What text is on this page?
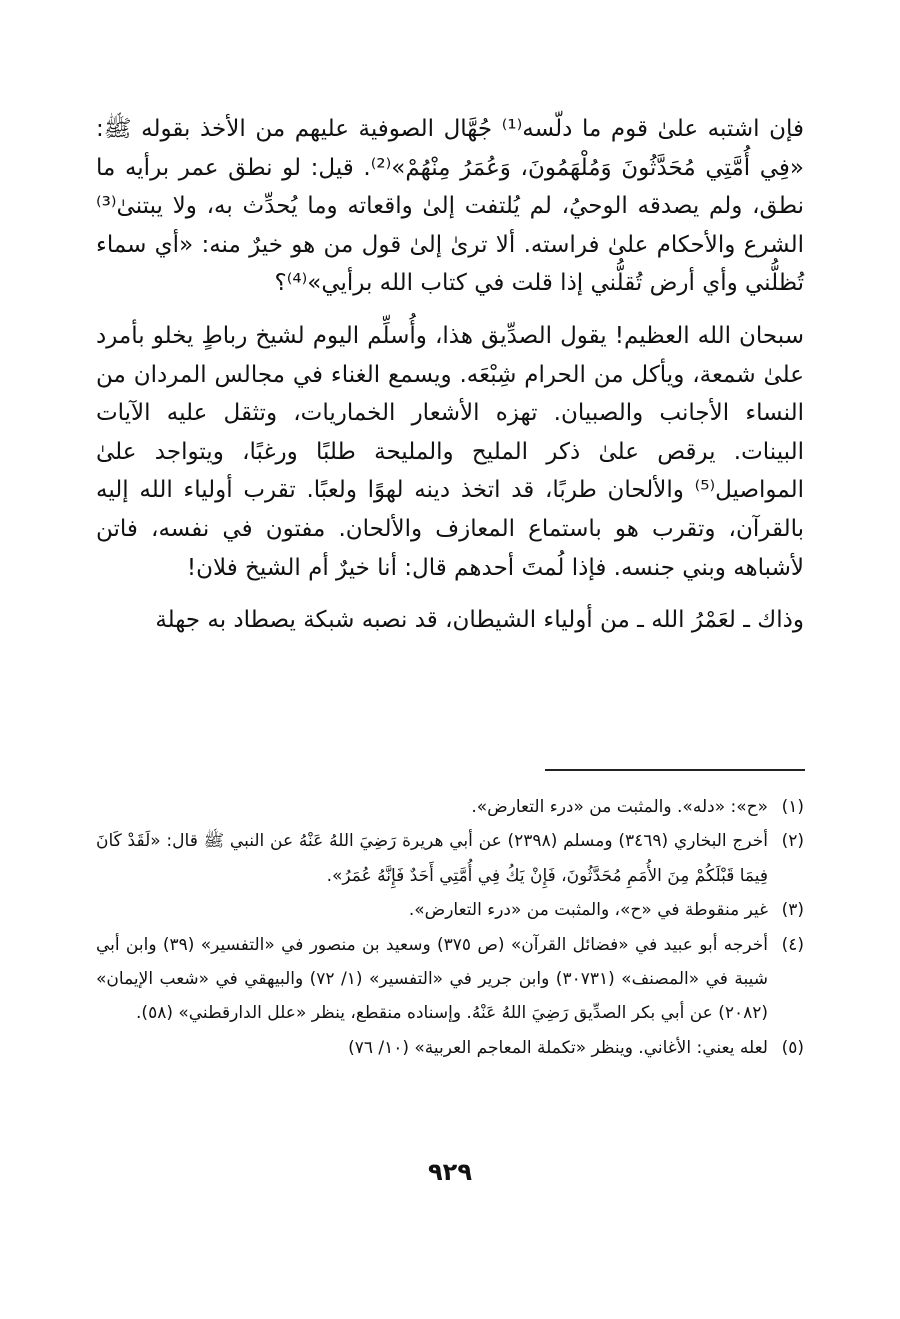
فإن اشتبه علىٰ قوم ما دلّسه⁽¹⁾ جُهَّال الصوفية عليهم من الأخذ بقوله ﷺ: «فِي أُمَّتِي مُحَدَّثُونَ وَمُلْهَمُونَ، وَعُمَرُ مِنْهُمْ»⁽²⁾. قيل: لو نطق عمر برأيه ما نطق، ولم يصدقه الوحيُ، لم يُلتفت إلىٰ واقعاته وما يُحدِّث به، ولا يبتنىٰ⁽³⁾ الشرع والأحكام علىٰ فراسته. ألا ترىٰ إلىٰ قول من هو خيرٌ منه: «أي سماء تُظلُّني وأي أرض تُقلُّني إذا قلت في كتاب الله برأيي»⁽⁴⁾؟

سبحان الله العظيم! يقول الصدِّيق هذا، وأُسلِّم اليوم لشيخ رباطٍ يخلو بأمرد علىٰ شمعة، ويأكل من الحرام شِبْعَه. ويسمع الغناء في مجالس المردان من النساء الأجانب والصبيان. تهزه الأشعار الخماريات، وتثقل عليه الآيات البينات. يرقص علىٰ ذكر المليح والمليحة طلبًا ورغبًا، ويتواجد علىٰ المواصيل⁽⁵⁾ والألحان طربًا، قد اتخذ دينه لهوًا ولعبًا. تقرب أولياء الله إليه بالقرآن، وتقرب هو باستماع المعازف والألحان. مفتون في نفسه، فاتن لأشباهه وبني جنسه. فإذا لُمتَ أحدهم قال: أنا خيرٌ أم الشيخ فلان!

وذاك ـ لعَمْرُ الله ـ من أولياء الشيطان، قد نصبه شبكة يصطاد به جهلة

(١)
«ح»: «دله». والمثبت من «درء التعارض».
(٢)
أخرج البخاري (٣٤٦٩) ومسلم (٢٣٩٨) عن أبي هريرة رَضِيَ اللهُ عَنْهُ عن النبي ﷺ قال: «لَقَدْ كَانَ فِيمَا قَبْلَكُمْ مِنَ الأُمَمِ مُحَدَّثُونَ، فَإِنْ يَكُ فِي أُمَّتِي أَحَدٌ فَإِنَّهُ عُمَرُ».
(٣)
غير منقوطة في «ح»، والمثبت من «درء التعارض».
(٤)
أخرجه أبو عبيد في «فضائل القرآن» (ص ٣٧٥) وسعيد بن منصور في «التفسير» (٣٩) وابن أبي شيبة في «المصنف» (٣٠٧٣١) وابن جرير في «التفسير» (١/ ٧٢) والبيهقي في «شعب الإيمان» (٢٠٨٢) عن أبي بكر الصدِّيق رَضِيَ اللهُ عَنْهُ. وإسناده منقطع، ينظر «علل الدارقطني» (٥٨).
(٥)
لعله يعني: الأغاني. وينظر «تكملة المعاجم العربية» (١٠/ ٧٦)
٩٢٩
